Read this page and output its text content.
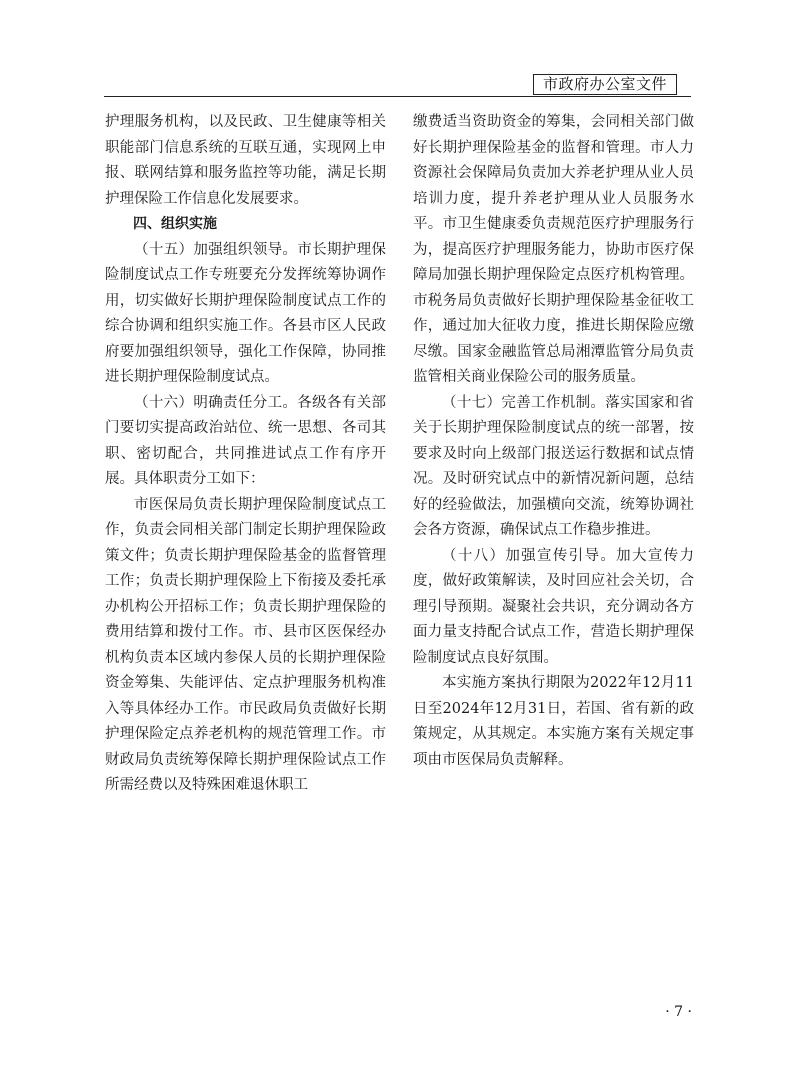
市政府办公室文件

护理服务机构，以及民政、卫生健康等相关职能部门信息系统的互联互通，实现网上申报、联网结算和服务监控等功能，满足长期护理保险工作信息化发展要求。

四、组织实施

（十五）加强组织领导。市长期护理保险制度试点工作专班要充分发挥统筹协调作用，切实做好长期护理保险制度试点工作的综合协调和组织实施工作。各县市区人民政府要加强组织领导，强化工作保障，协同推进长期护理保险制度试点。

（十六）明确责任分工。各级各有关部门要切实提高政治站位、统一思想、各司其职、密切配合，共同推进试点工作有序开展。具体职责分工如下：

市医保局负责长期护理保险制度试点工作，负责会同相关部门制定长期护理保险政策文件；负责长期护理保险基金的监督管理工作；负责长期护理保险上下衔接及委托承办机构公开招标工作；负责长期护理保险的费用结算和拨付工作。市、县市区医保经办机构负责本区域内参保人员的长期护理保险资金筹集、失能评估、定点护理服务机构准入等具体经办工作。市民政局负责做好长期护理保险定点养老机构的规范管理工作。市财政局负责统筹保障长期护理保险试点工作所需经费以及特殊困难退休职工

缴费适当资助资金的筹集，会同相关部门做好长期护理保险基金的监督和管理。市人力资源社会保障局负责加大养老护理从业人员培训力度，提升养老护理从业人员服务水平。市卫生健康委负责规范医疗护理服务行为，提高医疗护理服务能力，协助市医疗保障局加强长期护理保险定点医疗机构管理。市税务局负责做好长期护理保险基金征收工作，通过加大征收力度，推进长期保险应缴尽缴。国家金融监管总局湘潭监管分局负责监管相关商业保险公司的服务质量。

（十七）完善工作机制。落实国家和省关于长期护理保险制度试点的统一部署，按要求及时向上级部门报送运行数据和试点情况。及时研究试点中的新情况新问题，总结好的经验做法，加强横向交流，统筹协调社会各方资源，确保试点工作稳步推进。

（十八）加强宣传引导。加大宣传力度，做好政策解读，及时回应社会关切，合理引导预期。凝聚社会共识，充分调动各方面力量支持配合试点工作，营造长期护理保险制度试点良好氛围。

本实施方案执行期限为2022年12月11日至2024年12月31日，若国、省有新的政策规定，从其规定。本实施方案有关规定事项由市医保局负责解释。

· 7 ·
